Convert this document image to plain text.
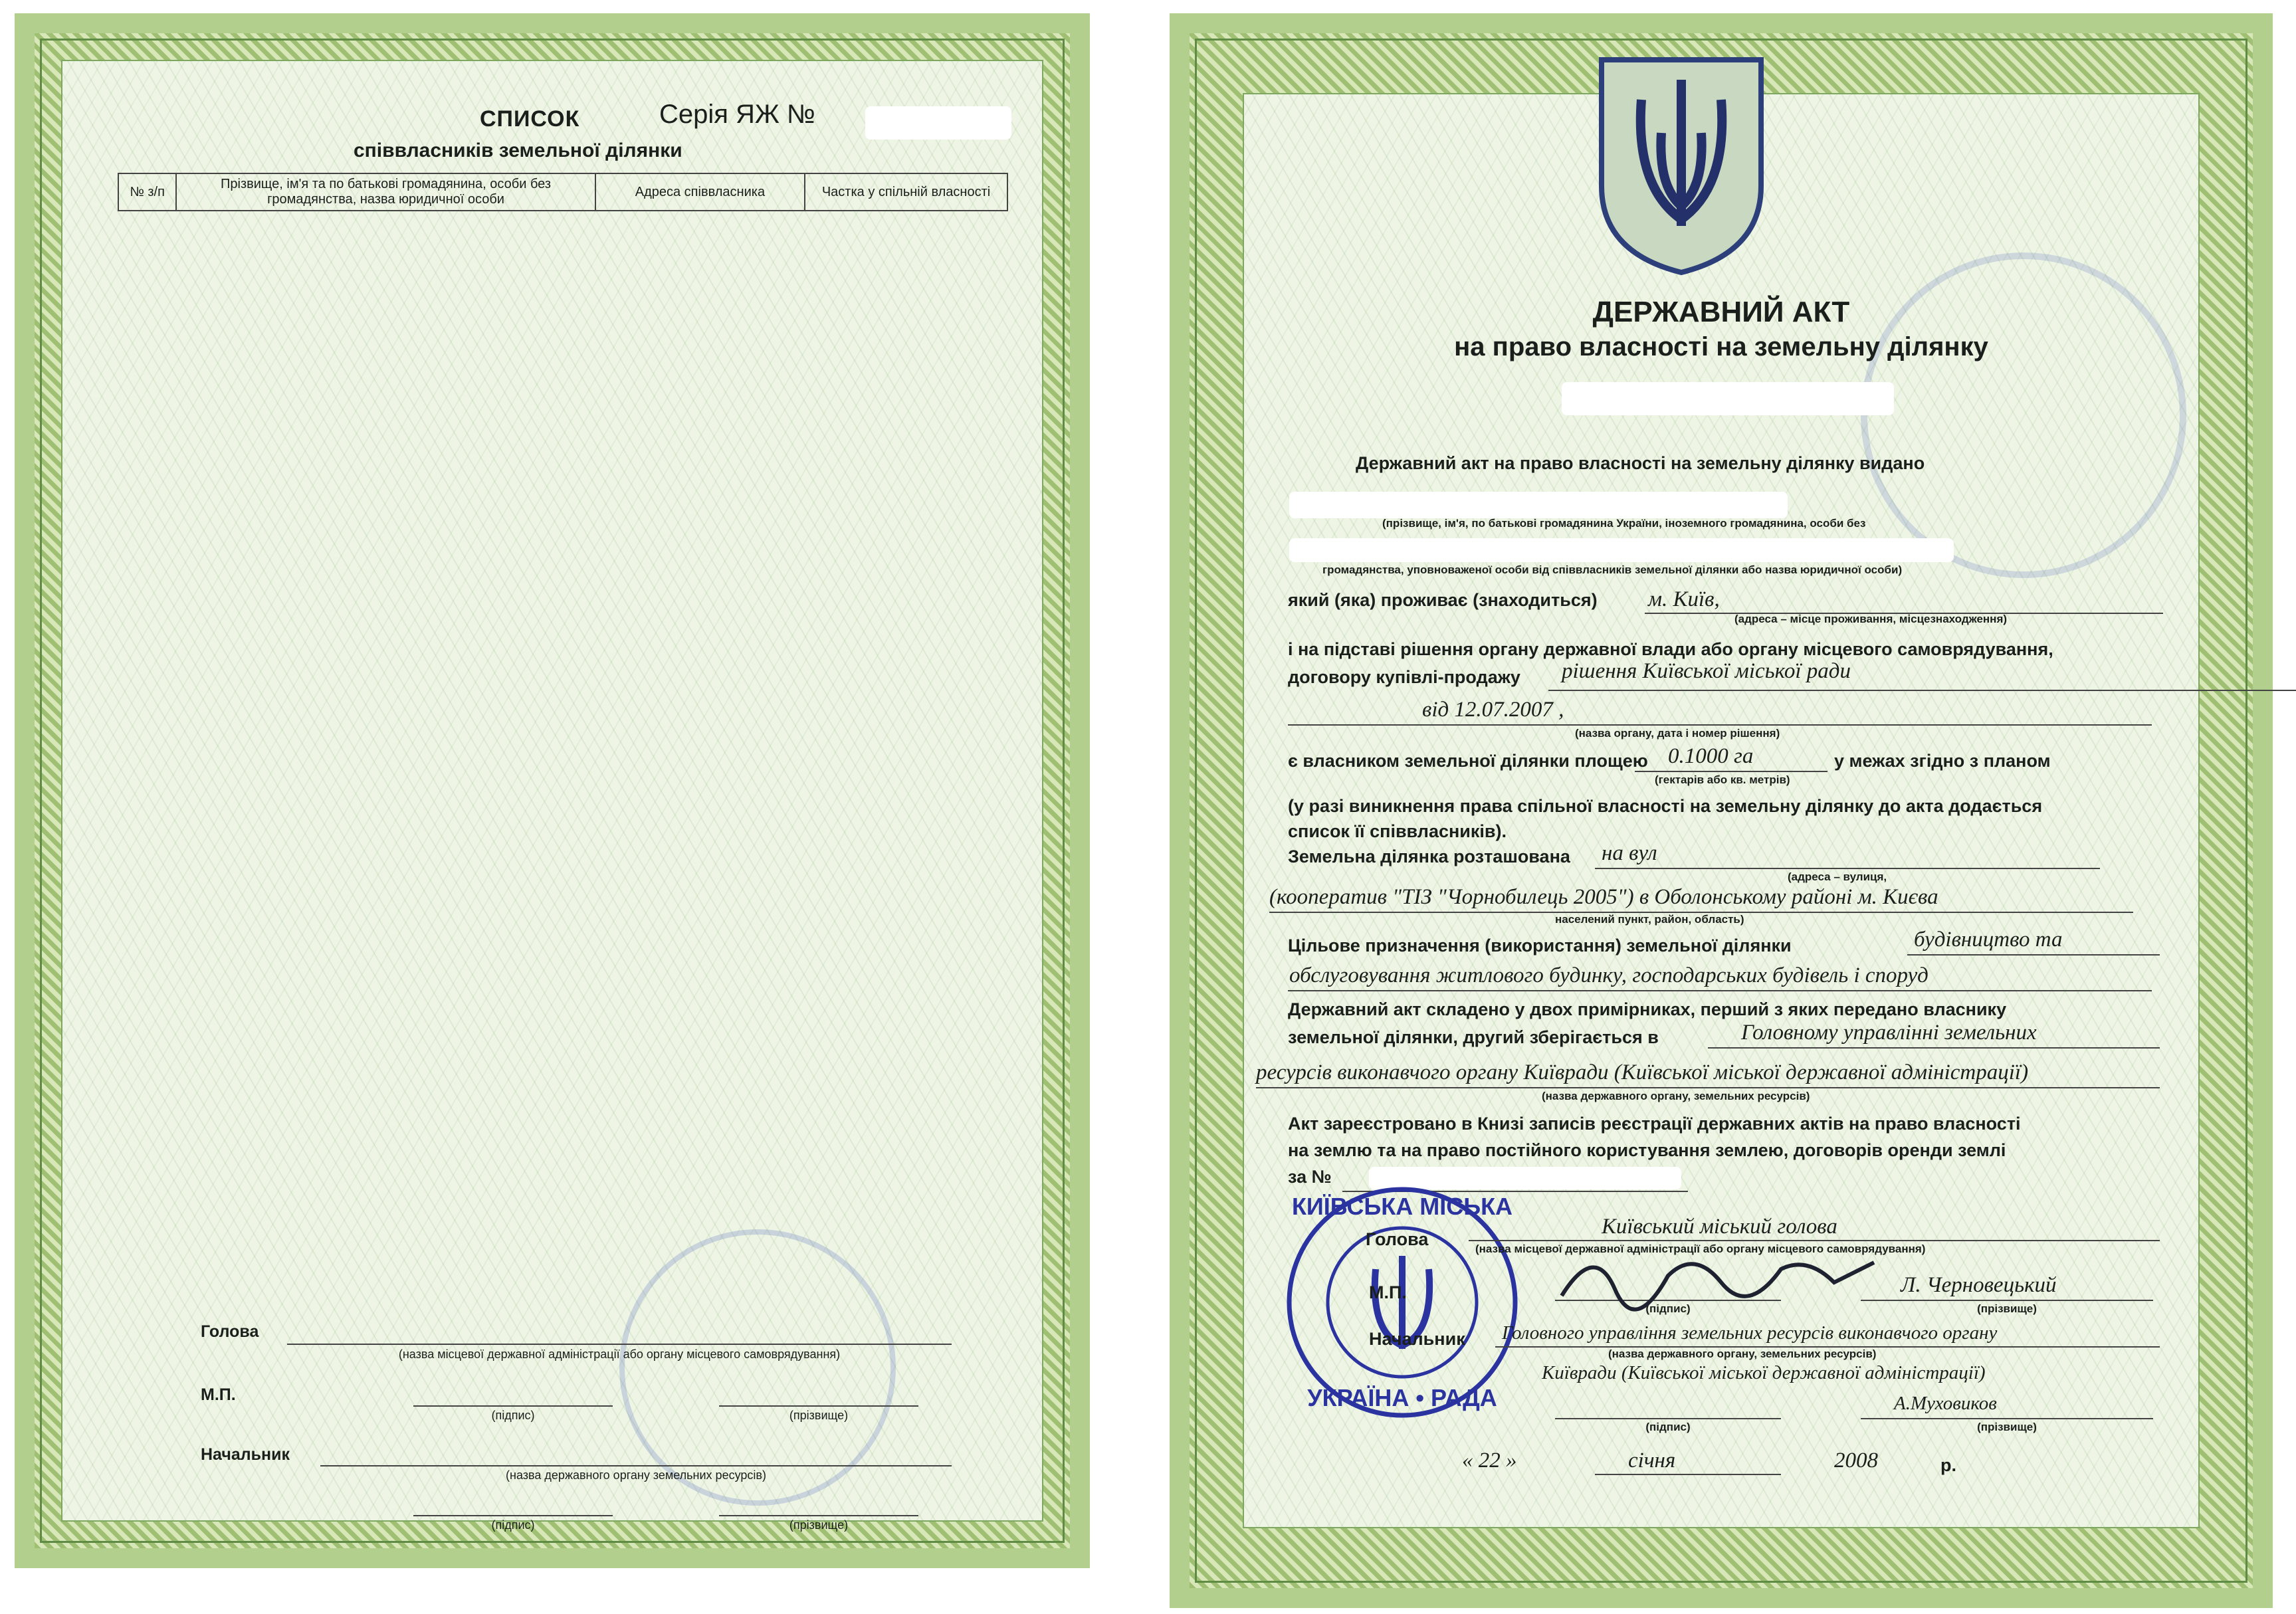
СПИСОК	Серія ЯЖ №
співвласників земельної ділянки
№ з/п	Прізвище, ім'я та по батькові громадянина, особи без громадянства, назва юридичної особи	Адреса співвласника	Частка у спільній власності
Голова
(назва місцевої державної адміністрації або органу місцевого самоврядування)
М.П.
(підпис)	(прізвище)
Начальник
(назва державного органу земельних ресурсів)
(підпис)	(прізвище)
ДЕРЖАВНИЙ АКТ
на право власності на земельну ділянку
Державний акт на право власності на земельну ділянку видано
(прізвище, ім'я, по батькові громадянина України, іноземного громадянина, особи без
громадянства, уповноваженої особи від співвласників земельної ділянки або назва юридичної особи)
який (яка) проживає (знаходиться) м. Київ,
(адреса – місце проживання, місцезнаходження)
і на підставі рішення органу державної влади або органу місцевого самоврядування,
договору купівлі-продажу рішення Київської міської ради
від 12.07.2007 ,
(назва органу, дата і номер рішення)
є власником земельної ділянки площею 0.1000 га	у межах згідно з планом
(гектарів або кв. метрів)
(у разі виникнення права спільної власності на земельну ділянку до акта додається
список її співвласників).
Земельна ділянка розташована на вул
(адреса – вулиця,
(кооператив "ТІЗ "Чорнобилець 2005") в Оболонському районі м. Києва
населений пункт, район, область)
Цільове призначення (використання) земельної ділянки	будівництво та
обслуговування житлового будинку, господарських будівель і споруд
Державний акт складено у двох примірниках, перший з яких передано власнику
земельної ділянки, другий зберігається в	Головному управлінні земельних
ресурсів виконавчого органу Київради (Київської міської державної адміністрації)
(назва державного органу, земельних ресурсів)
Акт зареєстровано в Книзі записів реєстрації державних актів на право власності
на землю та на право постійного користування землею, договорів оренди землі
за №
КИЇВСЬКА МІСЬКА
УКРАЇНА • РАДА
Голова
Київський міський голова
(назва місцевої державної адміністрації або органу місцевого самоврядування)
М.П.	Л. Черновецький
(підпис)	(прізвище)
Начальник Головного управління земельних ресурсів виконавчого органу
(назва державного органу, земельних ресурсів)
Київради (Київської міської державної адміністрації)
А.Муховиков
(підпис)	(прізвище)
« 22 »	січня	2008	р.
